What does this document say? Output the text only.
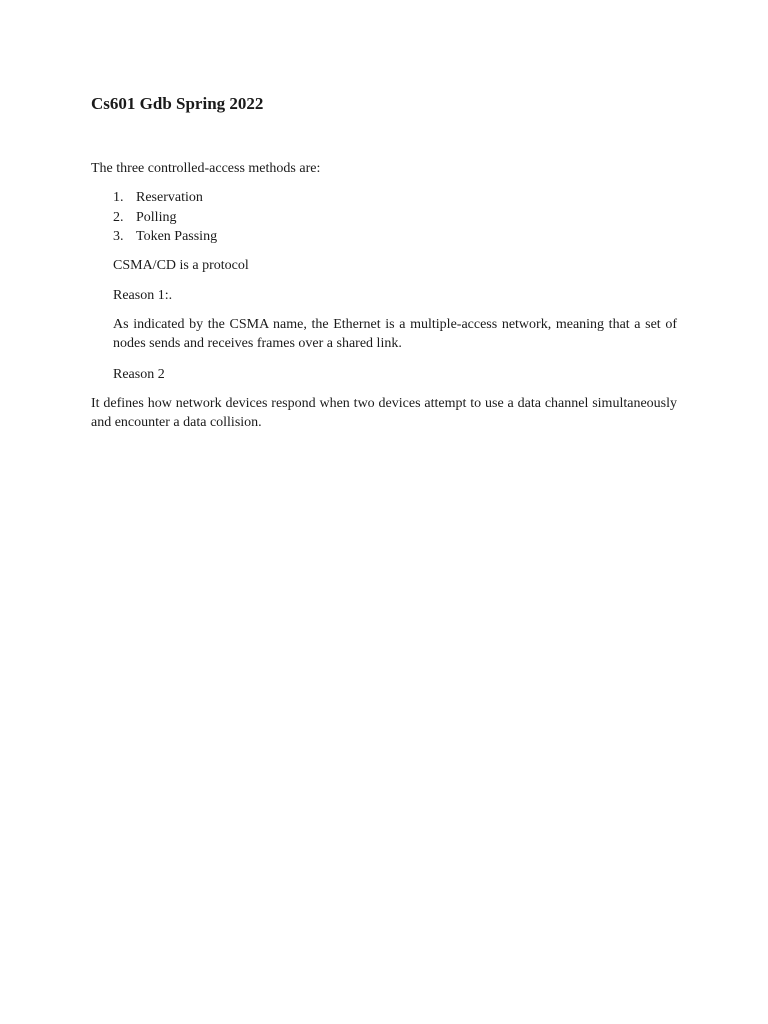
Cs601 Gdb Spring 2022

The three controlled-access methods are:

1. Reservation
2. Polling
3. Token Passing

CSMA/CD is a protocol

Reason 1:.

As indicated by the CSMA name, the Ethernet is a multiple-access network, meaning that a set of nodes sends and receives frames over a shared link.

Reason 2

It defines how network devices respond when two devices attempt to use a data channel simultaneously and encounter a data collision.
